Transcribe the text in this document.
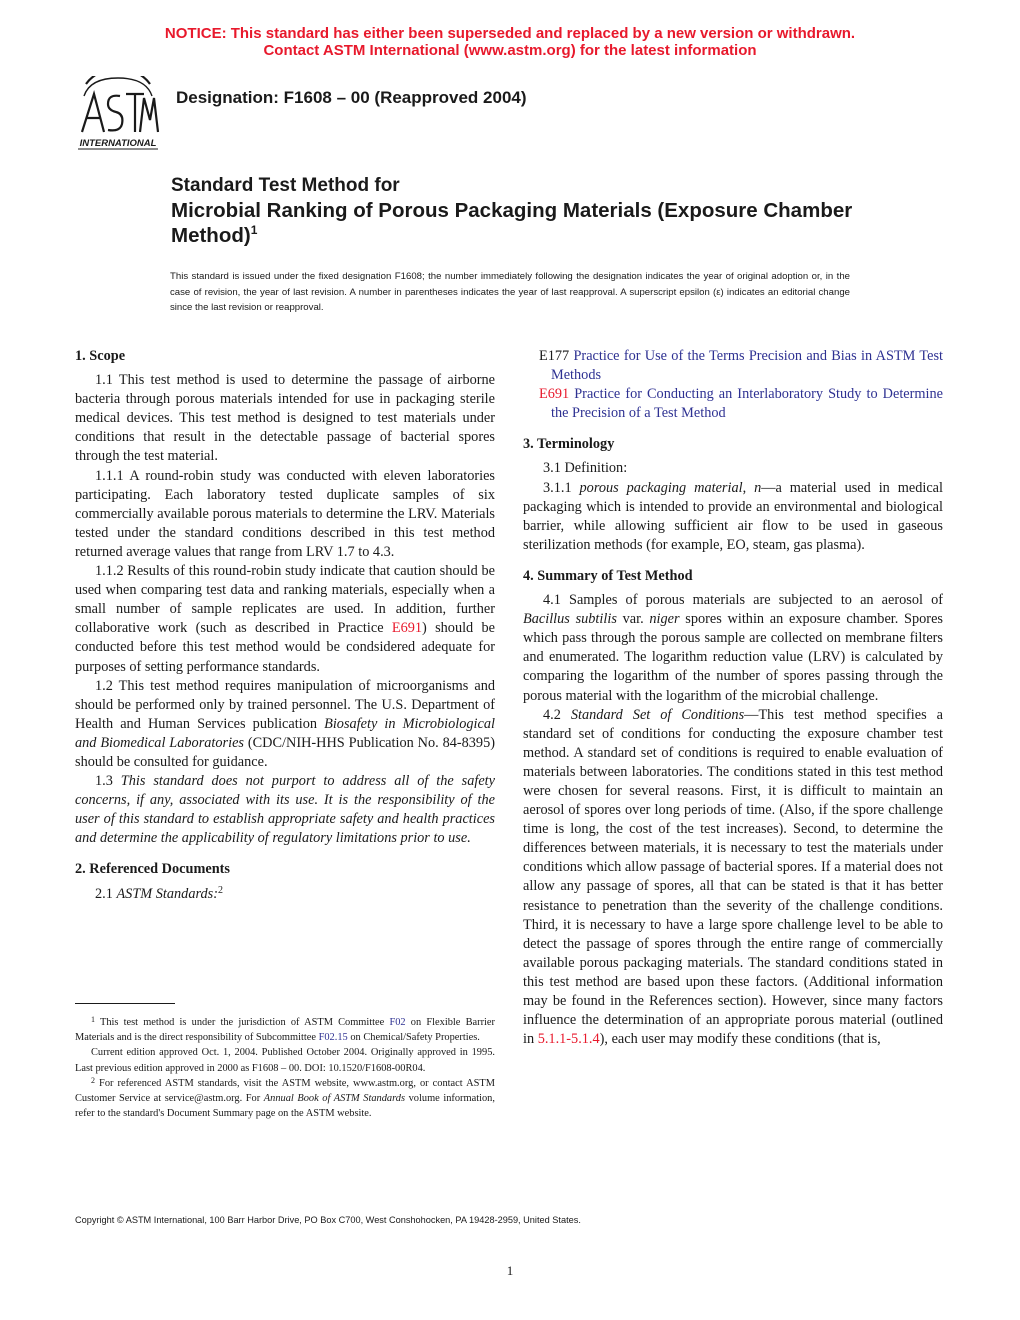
NOTICE: This standard has either been superseded and replaced by a new version or withdrawn.
Contact ASTM International (www.astm.org) for the latest information
INTERNATIONAL
Designation: F1608 – 00 (Reapproved 2004)
Standard Test Method for
Microbial Ranking of Porous Packaging Materials (Exposure Chamber Method)$^1$
This standard is issued under the fixed designation F1608; the number immediately following the designation indicates the year of original adoption or, in the case of revision, the year of last revision. A number in parentheses indicates the year of last reapproval. A superscript epsilon (ε) indicates an editorial change since the last revision or reapproval.

1. Scope

1.1 This test method is used to determine the passage of airborne bacteria through porous materials intended for use in packaging sterile medical devices. This test method is designed to test materials under conditions that result in the detectable passage of bacterial spores through the test material.

1.1.1 A round-robin study was conducted with eleven laboratories participating. Each laboratory tested duplicate samples of six commercially available porous materials to determine the LRV. Materials tested under the standard conditions described in this test method returned average values that range from LRV 1.7 to 4.3.

1.1.2 Results of this round-robin study indicate that caution should be used when comparing test data and ranking materials, especially when a small number of sample replicates are used. In addition, further collaborative work (such as described in Practice E691) should be conducted before this test method would be condsidered adequate for purposes of setting performance standards.

1.2 This test method requires manipulation of microorganisms and should be performed only by trained personnel. The U.S. Department of Health and Human Services publication Biosafety in Microbiological and Biomedical Laboratories (CDC/NIH-HHS Publication No. 84-8395) should be consulted for guidance.

1.3 This standard does not purport to address all of the safety concerns, if any, associated with its use. It is the responsibility of the user of this standard to establish appropriate safety and health practices and determine the applicability of regulatory limitations prior to use.

2. Referenced Documents

2.1 ASTM Standards:$^2$

E177 Practice for Use of the Terms Precision and Bias in ASTM Test Methods

E691 Practice for Conducting an Interlaboratory Study to Determine the Precision of a Test Method

3. Terminology

3.1 Definition:

3.1.1 porous packaging material, n—a material used in medical packaging which is intended to provide an environmental and biological barrier, while allowing sufficient air flow to be used in gaseous sterilization methods (for example, EO, steam, gas plasma).

4. Summary of Test Method

4.1 Samples of porous materials are subjected to an aerosol of Bacillus subtilis var. niger spores within an exposure chamber. Spores which pass through the porous sample are collected on membrane filters and enumerated. The logarithm reduction value (LRV) is calculated by comparing the logarithm of the number of spores passing through the porous material with the logarithm of the microbial challenge.

4.2 Standard Set of Conditions—This test method specifies a standard set of conditions for conducting the exposure chamber test method. A standard set of conditions is required to enable evaluation of materials between laboratories. The conditions stated in this test method were chosen for several reasons. First, it is difficult to maintain an aerosol of spores over long periods of time. (Also, if the spore challenge time is long, the cost of the test increases). Second, to determine the differences between materials, it is necessary to test the materials under conditions which allow passage of bacterial spores. If a material does not allow any passage of spores, all that can be stated is that it has better resistance to penetration than the severity of the challenge conditions. Third, it is necessary to have a large spore challenge level to be able to detect the passage of spores through the entire range of commercially available porous packaging materials. The standard conditions stated in this test method are based upon these factors. (Additional information may be found in the References section). However, since many factors influence the determination of an appropriate porous material (outlined in 5.1.1-5.1.4), each user may modify these conditions (that is,

$^1$ This test method is under the jurisdiction of ASTM Committee F02 on Flexible Barrier Materials and is the direct responsibility of Subcommittee F02.15 on Chemical/Safety Properties.

Current edition approved Oct. 1, 2004. Published October 2004. Originally approved in 1995. Last previous edition approved in 2000 as F1608 – 00. DOI: 10.1520/F1608-00R04.

$^2$ For referenced ASTM standards, visit the ASTM website, www.astm.org, or contact ASTM Customer Service at service@astm.org. For Annual Book of ASTM Standards volume information, refer to the standard's Document Summary page on the ASTM website.

Copyright © ASTM International, 100 Barr Harbor Drive, PO Box C700, West Conshohocken, PA 19428-2959, United States.
1
